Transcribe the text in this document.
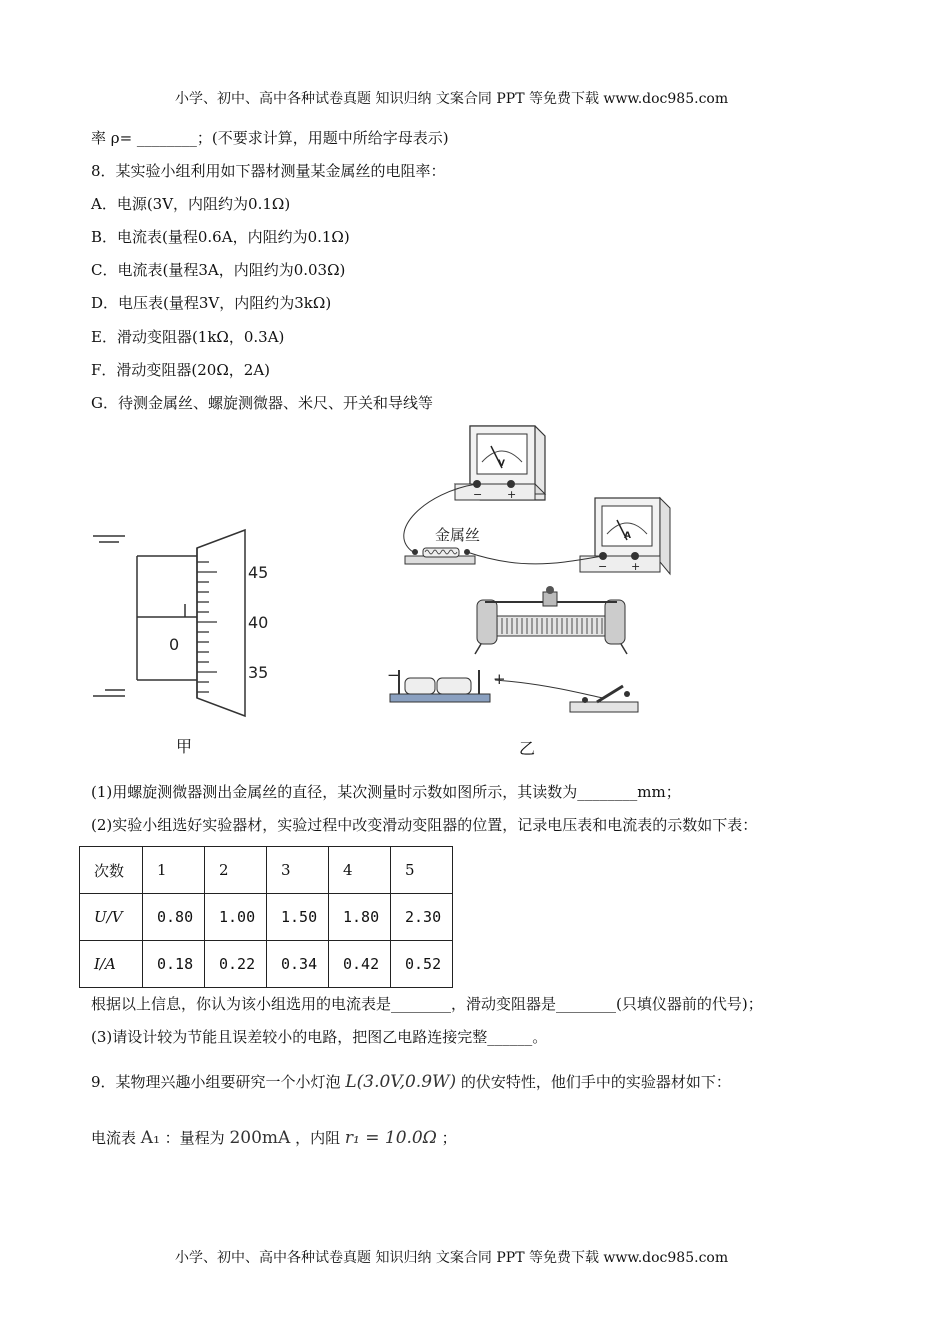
小学、初中、高中各种试卷真题 知识归纳 文案合同 PPT 等免费下载 www.doc985.com
率 ρ= ________；(不要求计算，用题中所给字母表示)
8．某实验小组利用如下器材测量某金属丝的电阻率：
A．电源(3V，内阻约为0.1Ω)
B．电流表(量程0.6A，内阻约为0.1Ω)
C．电流表(量程3A，内阻约为0.03Ω)
D．电压表(量程3V，内阻约为3kΩ)
E．滑动变阻器(1kΩ，0.3A)
F．滑动变阻器(20Ω，2A)
G．待测金属丝、螺旋测微器、米尺、开关和导线等
45
40
35
0
甲
V
− +
A
− +
金属丝
−	+
乙
(1)用螺旋测微器测出金属丝的直径，某次测量时示数如图所示，其读数为________mm；
(2)实验小组选好实验器材，实验过程中改变滑动变阻器的位置，记录电压表和电流表的示数如下表：
次数	1	2	3	4	5
U/V	0.80	1.00	1.50	1.80	2.30
I/A	0.18	0.22	0.34	0.42	0.52
根据以上信息，你认为该小组选用的电流表是________，滑动变阻器是________(只填仪器前的代号)；
(3)请设计较为节能且误差较小的电路，把图乙电路连接完整______。
9．某物理兴趣小组要研究一个小灯泡 L(3.0V,0.9W) 的伏安特性，他们手中的实验器材如下：
电流表 A₁ ：量程为 200mA ，内阻 r₁ = 10.0Ω ；
小学、初中、高中各种试卷真题 知识归纳 文案合同 PPT 等免费下载 www.doc985.com
